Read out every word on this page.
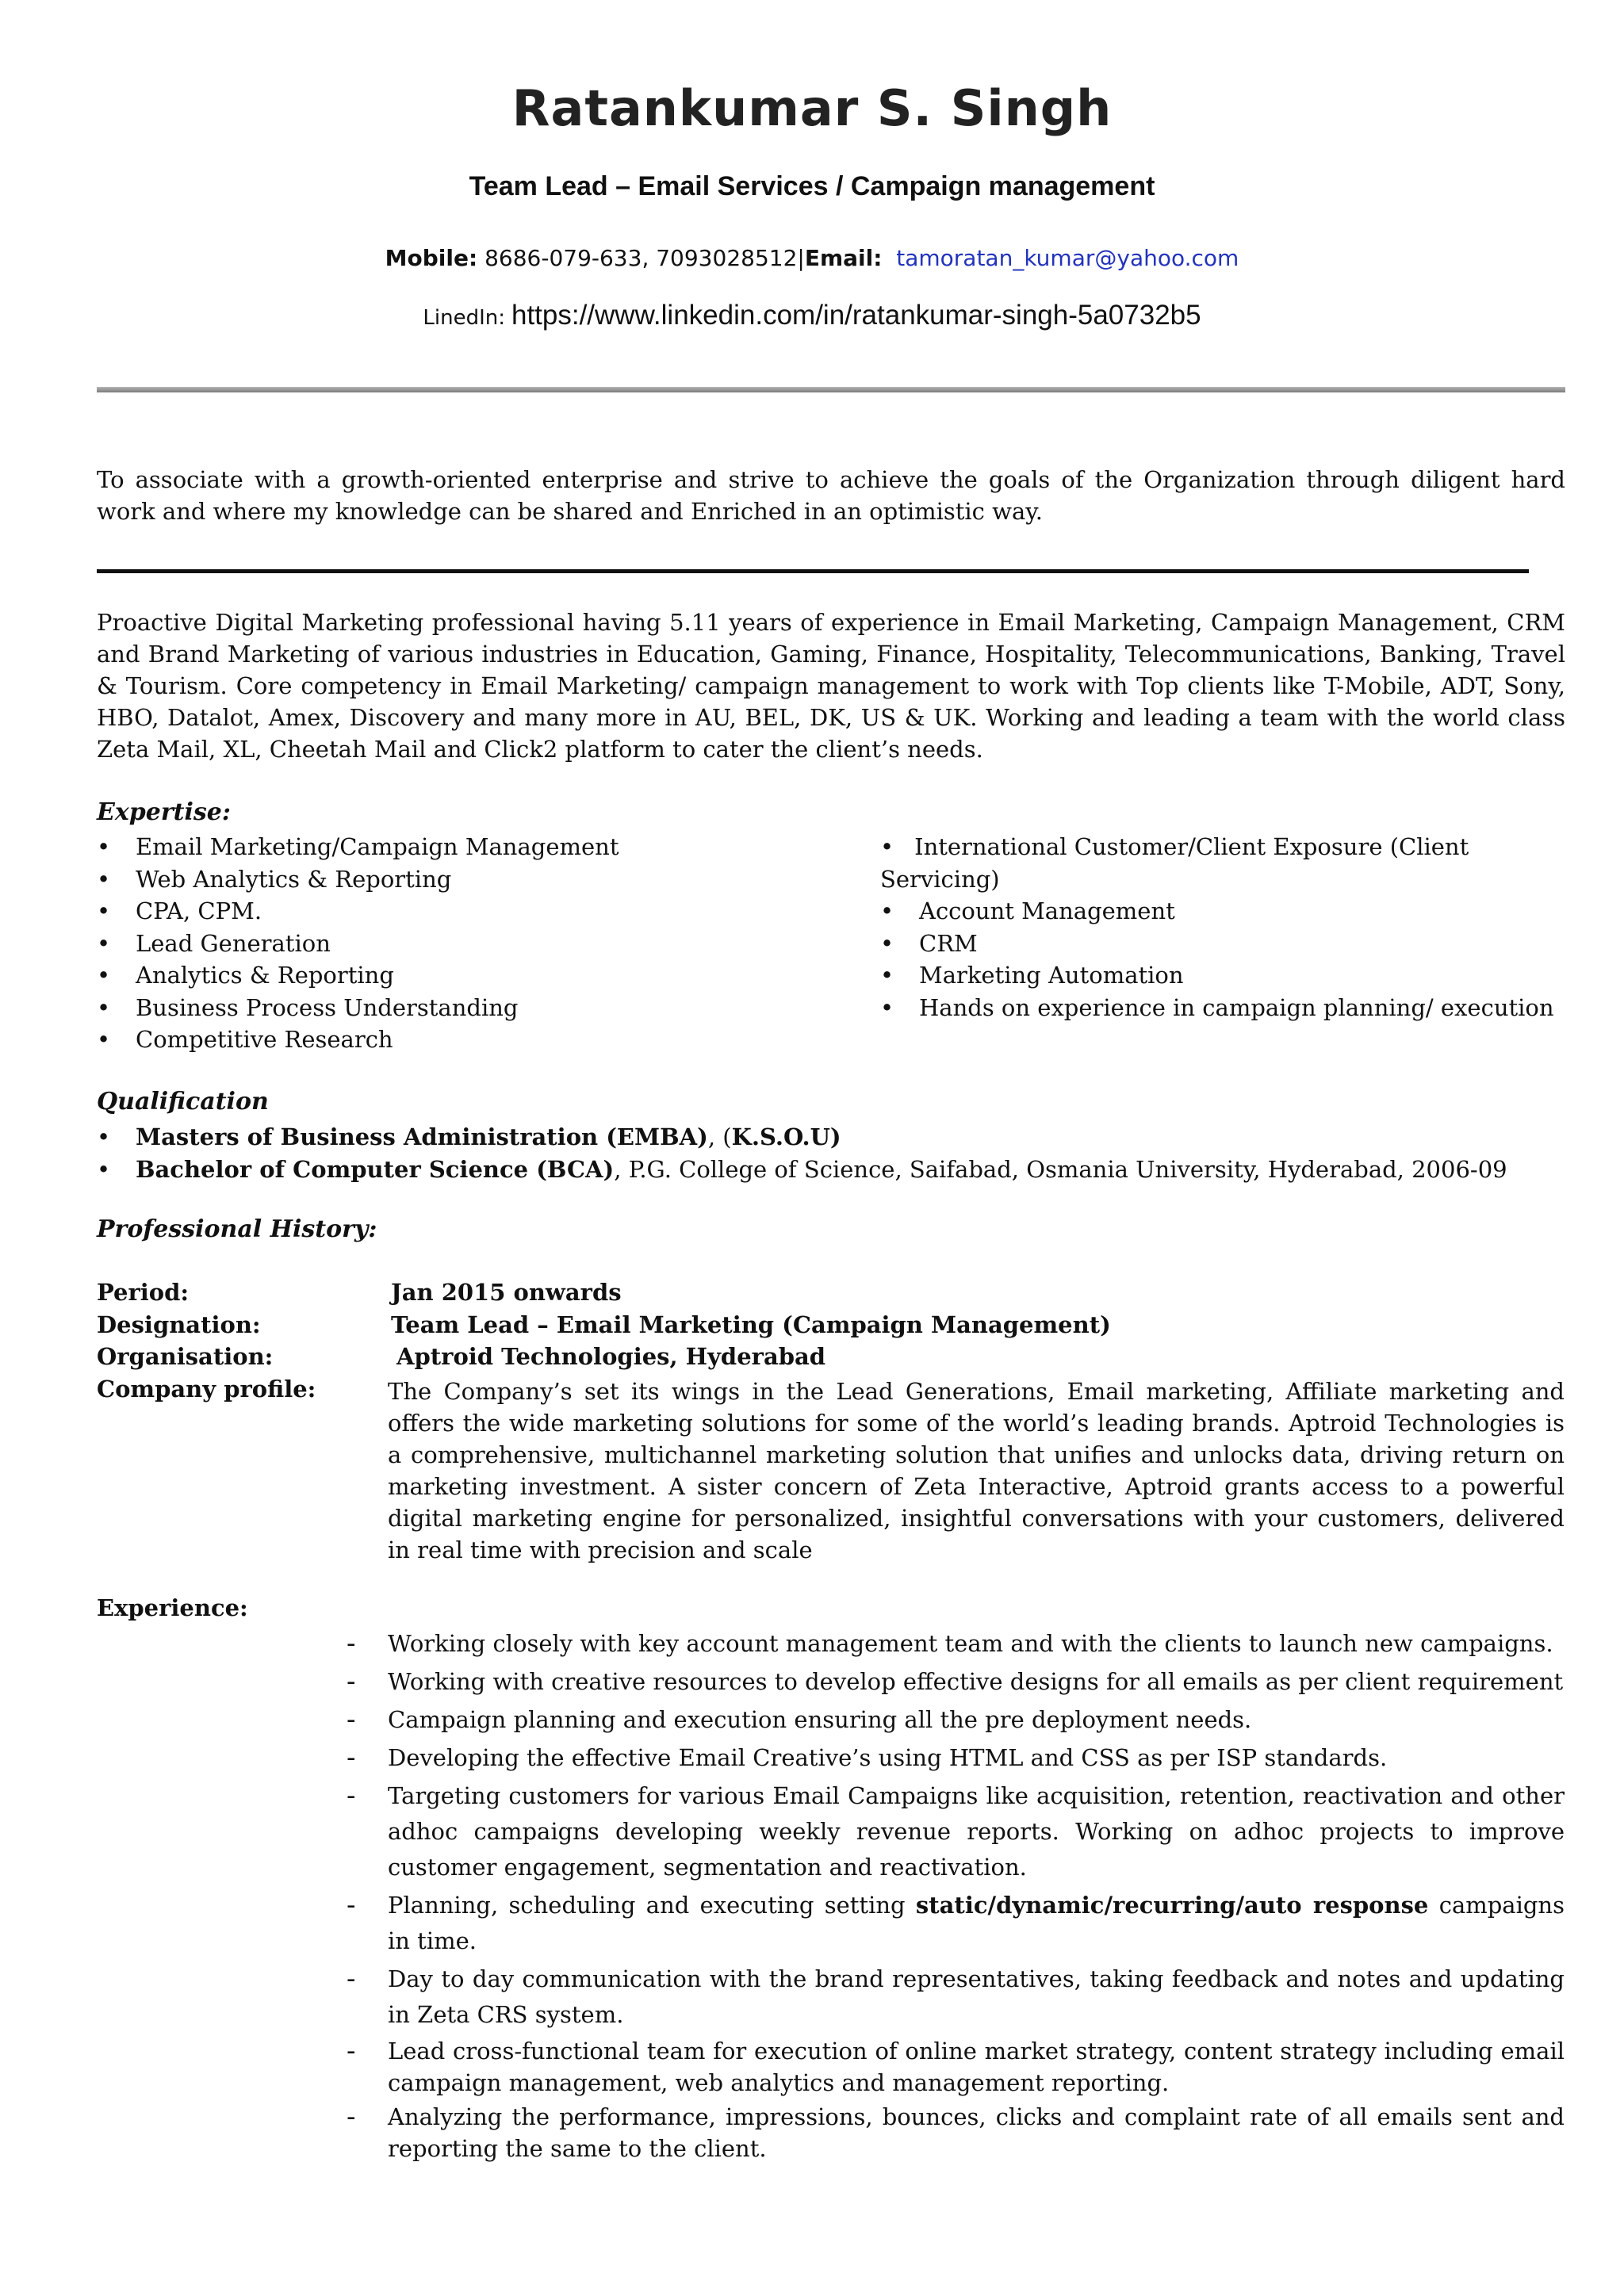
Ratankumar S. Singh
Team Lead – Email Services / Campaign management
Mobile: 8686-079-633, 7093028512|Email: tamoratan_kumar@yahoo.com
LinedIn: https://www.linkedin.com/in/ratankumar-singh-5a0732b5
To associate with a growth-oriented enterprise and strive to achieve the goals of the Organization through diligent hard work and where my knowledge can be shared and Enriched in an optimistic way.
Proactive Digital Marketing professional having 5.11 years of experience in Email Marketing, Campaign Management, CRM and Brand Marketing of various industries in Education, Gaming, Finance, Hospitality, Telecommunications, Banking, Travel & Tourism. Core competency in Email Marketing/ campaign management to work with Top clients like T-Mobile, ADT, Sony, HBO, Datalot, Amex, Discovery and many more in AU, BEL, DK, US & UK. Working and leading a team with the world class Zeta Mail, XL, Cheetah Mail and Click2 platform to cater the client’s needs.
Expertise:
• Email Marketing/Campaign Management
• Web Analytics & Reporting
• CPA, CPM.
• Lead Generation
• Analytics & Reporting
• Business Process Understanding
• Competitive Research
• International Customer/Client Exposure (Client Servicing)
• Account Management
• CRM
• Marketing Automation
• Hands on experience in campaign planning/ execution
Qualification
• Masters of Business Administration (EMBA), (K.S.O.U)
• Bachelor of Computer Science (BCA), P.G. College of Science, Saifabad, Osmania University, Hyderabad, 2006-09
Professional History:
Period:	Jan 2015 onwards
Designation:	Team Lead – Email Marketing (Campaign Management)
Organisation:	Aptroid Technologies, Hyderabad
Company profile:	The Company’s set its wings in the Lead Generations, Email marketing, Affiliate marketing and offers the wide marketing solutions for some of the world’s leading brands. Aptroid Technologies is a comprehensive, multichannel marketing solution that unifies and unlocks data, driving return on marketing investment. A sister concern of Zeta Interactive, Aptroid grants access to a powerful digital marketing engine for personalized, insightful conversations with your customers, delivered in real time with precision and scale
Experience:
- Working closely with key account management team and with the clients to launch new campaigns.
- Working with creative resources to develop effective designs for all emails as per client requirement
- Campaign planning and execution ensuring all the pre deployment needs.
- Developing the effective Email Creative’s using HTML and CSS as per ISP standards.
- Targeting customers for various Email Campaigns like acquisition, retention, reactivation and other adhoc campaigns developing weekly revenue reports. Working on adhoc projects to improve customer engagement, segmentation and reactivation.
- Planning, scheduling and executing setting static/dynamic/recurring/auto response campaigns in time.
- Day to day communication with the brand representatives, taking feedback and notes and updating in Zeta CRS system.
- Lead cross-functional team for execution of online market strategy, content strategy including email campaign management, web analytics and management reporting.
- Analyzing the performance, impressions, bounces, clicks and complaint rate of all emails sent and reporting the same to the client.
